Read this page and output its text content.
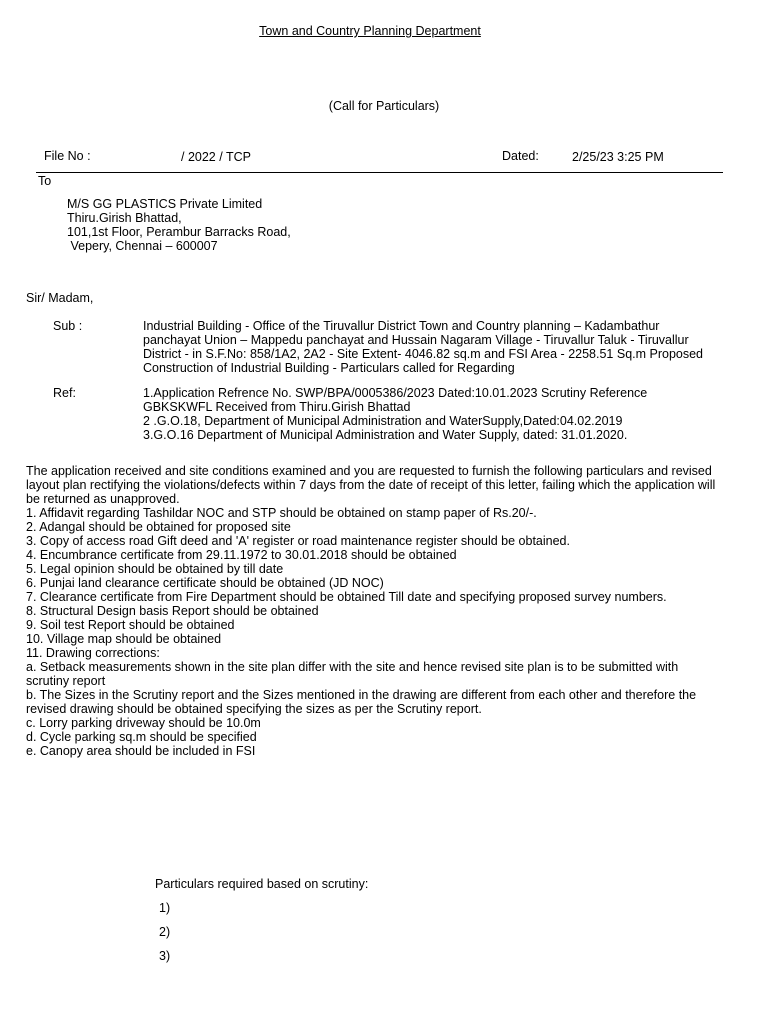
Town and Country Planning Department
(Call for Particulars)
File No :	/ 2022 / TCP	Dated:	2/25/23 3:25 PM
To
M/S GG PLASTICS Private Limited
Thiru.Girish Bhattad,
101,1st Floor, Perambur Barracks Road,
Vepery, Chennai – 600007
Sir/ Madam,
Sub :	Industrial Building - Office of the Tiruvallur District Town and Country planning – Kadambathur
panchayat Union – Mappedu panchayat and Hussain Nagaram Village - Tiruvallur Taluk - Tiruvallur
District - in S.F.No: 858/1A2, 2A2 - Site Extent- 4046.82 sq.m and FSI Area - 2258.51 Sq.m Proposed
Construction of Industrial Building - Particulars called for Regarding
Ref:	1.Application Refrence No. SWP/BPA/0005386/2023 Dated:10.01.2023 Scrutiny Reference
GBKSKWFL Received from Thiru.Girish Bhattad
2 .G.O.18, Department of Municipal Administration and WaterSupply,Dated:04.02.2019
3.G.O.16 Department of Municipal Administration and Water Supply, dated: 31.01.2020.
The application received and site conditions examined and you are requested to furnish the following particulars and revised
layout plan rectifying the violations/defects within 7 days from the date of receipt of this letter, failing which the application will
be returned as unapproved.
1. Affidavit regarding Tashildar NOC and STP should be obtained on stamp paper of Rs.20/-.
2. Adangal should be obtained for proposed site
3. Copy of access road Gift deed and 'A' register or road maintenance register should be obtained.
4. Encumbrance certificate from 29.11.1972 to 30.01.2018 should be obtained
5. Legal opinion should be obtained by till date
6. Punjai land clearance certificate should be obtained (JD NOC)
7. Clearance certificate from Fire Department should be obtained Till date and specifying proposed survey numbers.
8. Structural Design basis Report should be obtained
9. Soil test Report should be obtained
10. Village map should be obtained
11. Drawing corrections:
a. Setback measurements shown in the site plan differ with the site and hence revised site plan is to be submitted with
scrutiny report
b. The Sizes in the Scrutiny report and the Sizes mentioned in the drawing are different from each other and therefore the
revised drawing should be obtained specifying the sizes as per the Scrutiny report.
c. Lorry parking driveway should be 10.0m
d. Cycle parking sq.m should be specified
e. Canopy area should be included in FSI
Particulars required based on scrutiny:
1)
2)
3)
